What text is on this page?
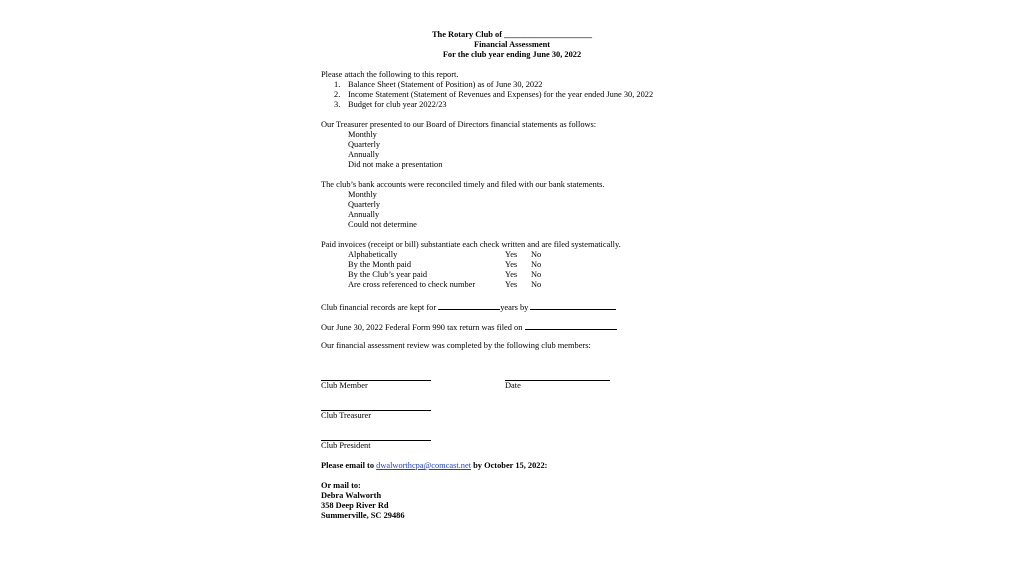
The Rotary Club of _____________________
Financial Assessment
For the club year ending June 30, 2022
Please attach the following to this report.
1. Balance Sheet (Statement of Position) as of June 30, 2022
2. Income Statement (Statement of Revenues and Expenses) for the year ended June 30, 2022
3. Budget for club year 2022/23
Our Treasurer presented to our Board of Directors financial statements as follows:
Monthly
Quarterly
Annually
Did not make a presentation
The club’s bank accounts were reconciled timely and filed with our bank statements.
Monthly
Quarterly
Annually
Could not determine
Paid invoices (receipt or bill) substantiate each check written and are filed systematically.
Alphabetically	Yes No
By the Month paid	Yes No
By the Club’s year paid	Yes No
Are cross referenced to check number	Yes No
Club financial records are kept for	years by
Our June 30, 2022 Federal Form 990 tax return was filed on
Our financial assessment review was completed by the following club members:
Club Member	Date
Club Treasurer
Club President
Please email to dwalworthcpa@comcast.net by October 15, 2022:
Or mail to:
Debra Walworth
358 Deep River Rd
Summerville, SC 29486
